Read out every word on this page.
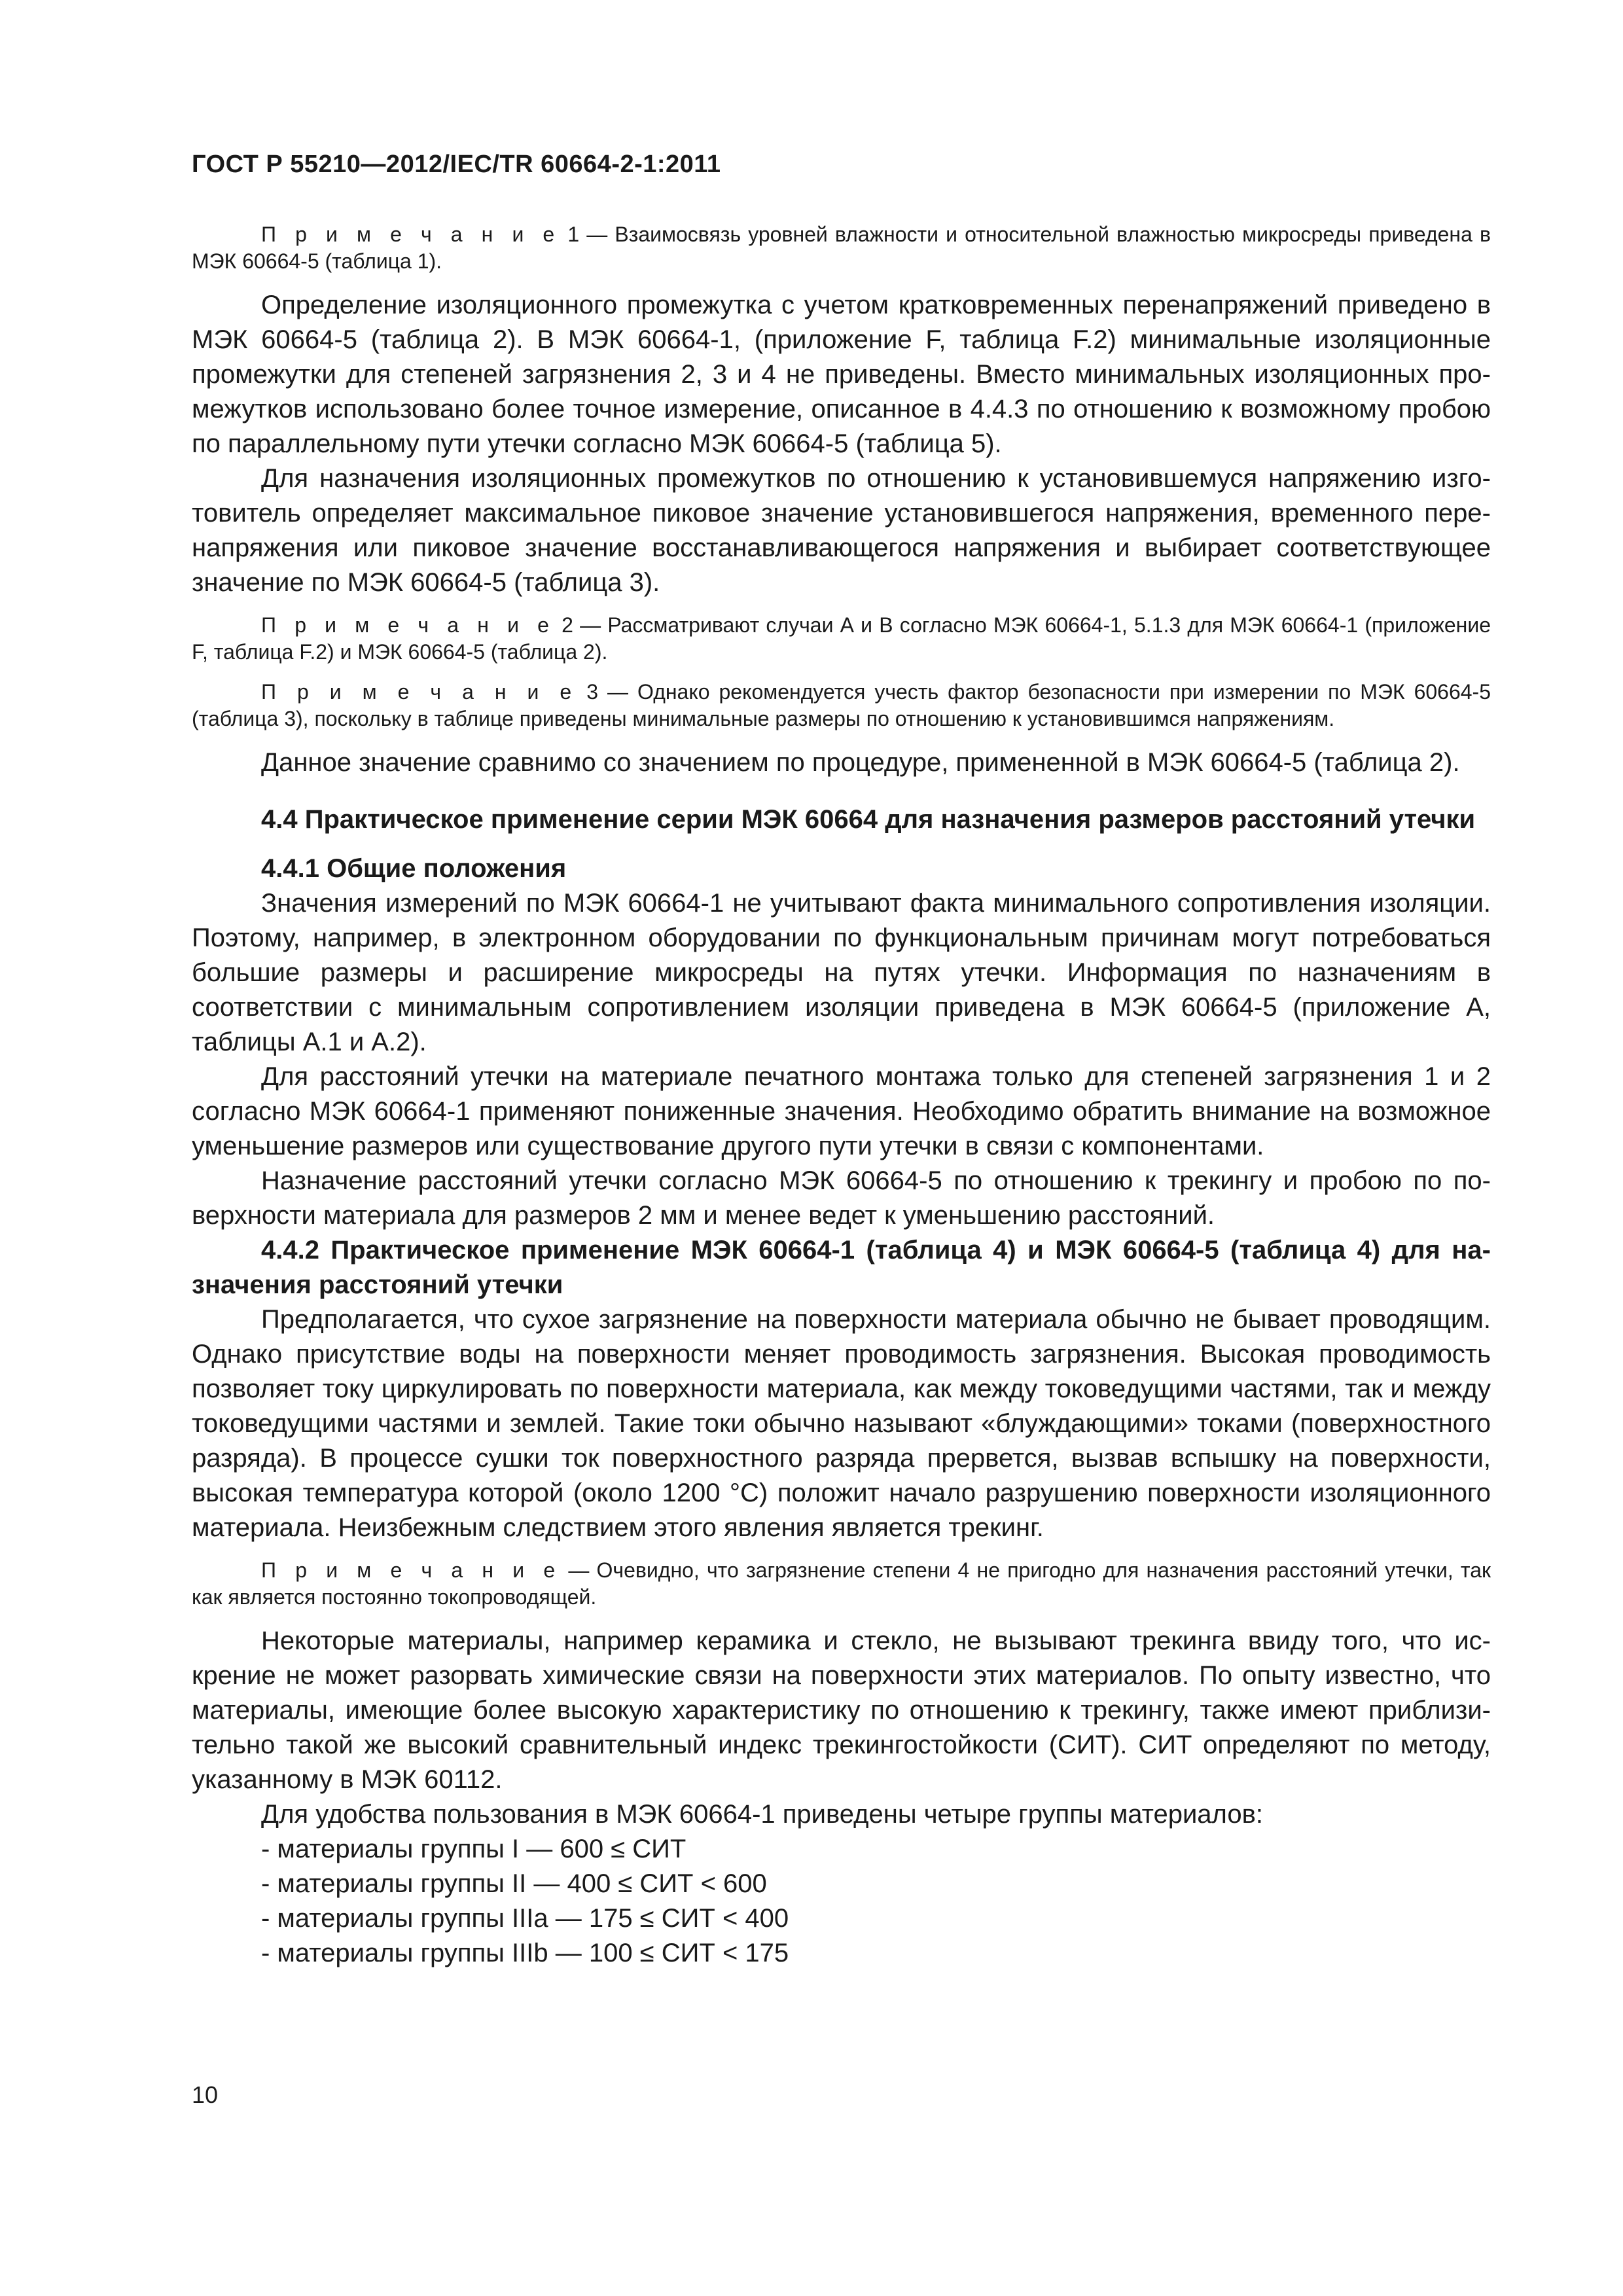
ГОСТ Р 55210—2012/IEC/TR 60664-2-1:2011

П р и м е ч а н и е 1 — Взаимосвязь уровней влажности и относительной влажностью микросреды приведена в МЭК 60664-5 (таблица 1).

Определение изоляционного промежутка с учетом кратковременных перенапряжений приведено в МЭК 60664-5 (таблица 2). В МЭК 60664-1, (приложение F, таблица F.2) минимальные изоляционные промежутки для степеней загрязнения 2, 3 и 4 не приведены. Вместо минимальных изоляционных промежутков использовано более точное измерение, описанное в 4.4.3 по отношению к возможному пробою по параллельному пути утечки согласно МЭК 60664-5 (таблица 5).

Для назначения изоляционных промежутков по отношению к установившемуся напряжению изготовитель определяет максимальное пиковое значение установившегося напряжения, временного перенапряжения или пиковое значение восстанавливающегося напряжения и выбирает соответствующее значение по МЭК 60664-5 (таблица 3).

П р и м е ч а н и е 2 — Рассматривают случаи А и В согласно МЭК 60664-1, 5.1.3 для МЭК 60664-1 (приложение F, таблица F.2) и МЭК 60664-5 (таблица 2).

П р и м е ч а н и е 3 — Однако рекомендуется учесть фактор безопасности при измерении по МЭК 60664-5 (таблица 3), поскольку в таблице приведены минимальные размеры по отношению к установившимся напряжениям.

Данное значение сравнимо со значением по процедуре, примененной в МЭК 60664-5 (таблица 2).

4.4 Практическое применение серии МЭК 60664 для назначения размеров расстояний утечки

4.4.1 Общие положения

Значения измерений по МЭК 60664-1 не учитывают факта минимального сопротивления изоляции. Поэтому, например, в электронном оборудовании по функциональным причинам могут потребоваться большие размеры и расширение микросреды на путях утечки. Информация по назначениям в соответствии с минимальным сопротивлением изоляции приведена в МЭК 60664-5 (приложение А, таблицы А.1 и А.2).

Для расстояний утечки на материале печатного монтажа только для степеней загрязнения 1 и 2 согласно МЭК 60664-1 применяют пониженные значения. Необходимо обратить внимание на возможное уменьшение размеров или существование другого пути утечки в связи с компонентами.

Назначение расстояний утечки согласно МЭК 60664-5 по отношению к трекингу и пробою по поверхности материала для размеров 2 мм и менее ведет к уменьшению расстояний.

4.4.2 Практическое применение МЭК 60664-1 (таблица 4) и МЭК 60664-5 (таблица 4) для назначения расстояний утечки

Предполагается, что сухое загрязнение на поверхности материала обычно не бывает проводящим. Однако присутствие воды на поверхности меняет проводимость загрязнения. Высокая проводимость позволяет току циркулировать по поверхности материала, как между токоведущими частями, так и между токоведущими частями и землей. Такие токи обычно называют «блуждающими» токами (поверхностного разряда). В процессе сушки ток поверхностного разряда прервется, вызвав вспышку на поверхности, высокая температура которой (около 1200 °С) положит начало разрушению поверхности изоляционного материала. Неизбежным следствием этого явления является трекинг.

П р и м е ч а н и е — Очевидно, что загрязнение степени 4 не пригодно для назначения расстояний утечки, так как является постоянно токопроводящей.

Некоторые материалы, например керамика и стекло, не вызывают трекинга ввиду того, что искрение не может разорвать химические связи на поверхности этих материалов. По опыту известно, что материалы, имеющие более высокую характеристику по отношению к трекингу, также имеют приблизительно такой же высокий сравнительный индекс трекингостойкости (СИТ). СИТ определяют по методу, указанному в МЭК 60112.

Для удобства пользования в МЭК 60664-1 приведены четыре группы материалов:

- материалы группы I — 600 ≤ СИТ

- материалы группы II — 400 ≤ СИТ < 600

- материалы группы IIIa — 175 ≤ СИТ < 400

- материалы группы IIIb — 100 ≤ СИТ < 175

10
